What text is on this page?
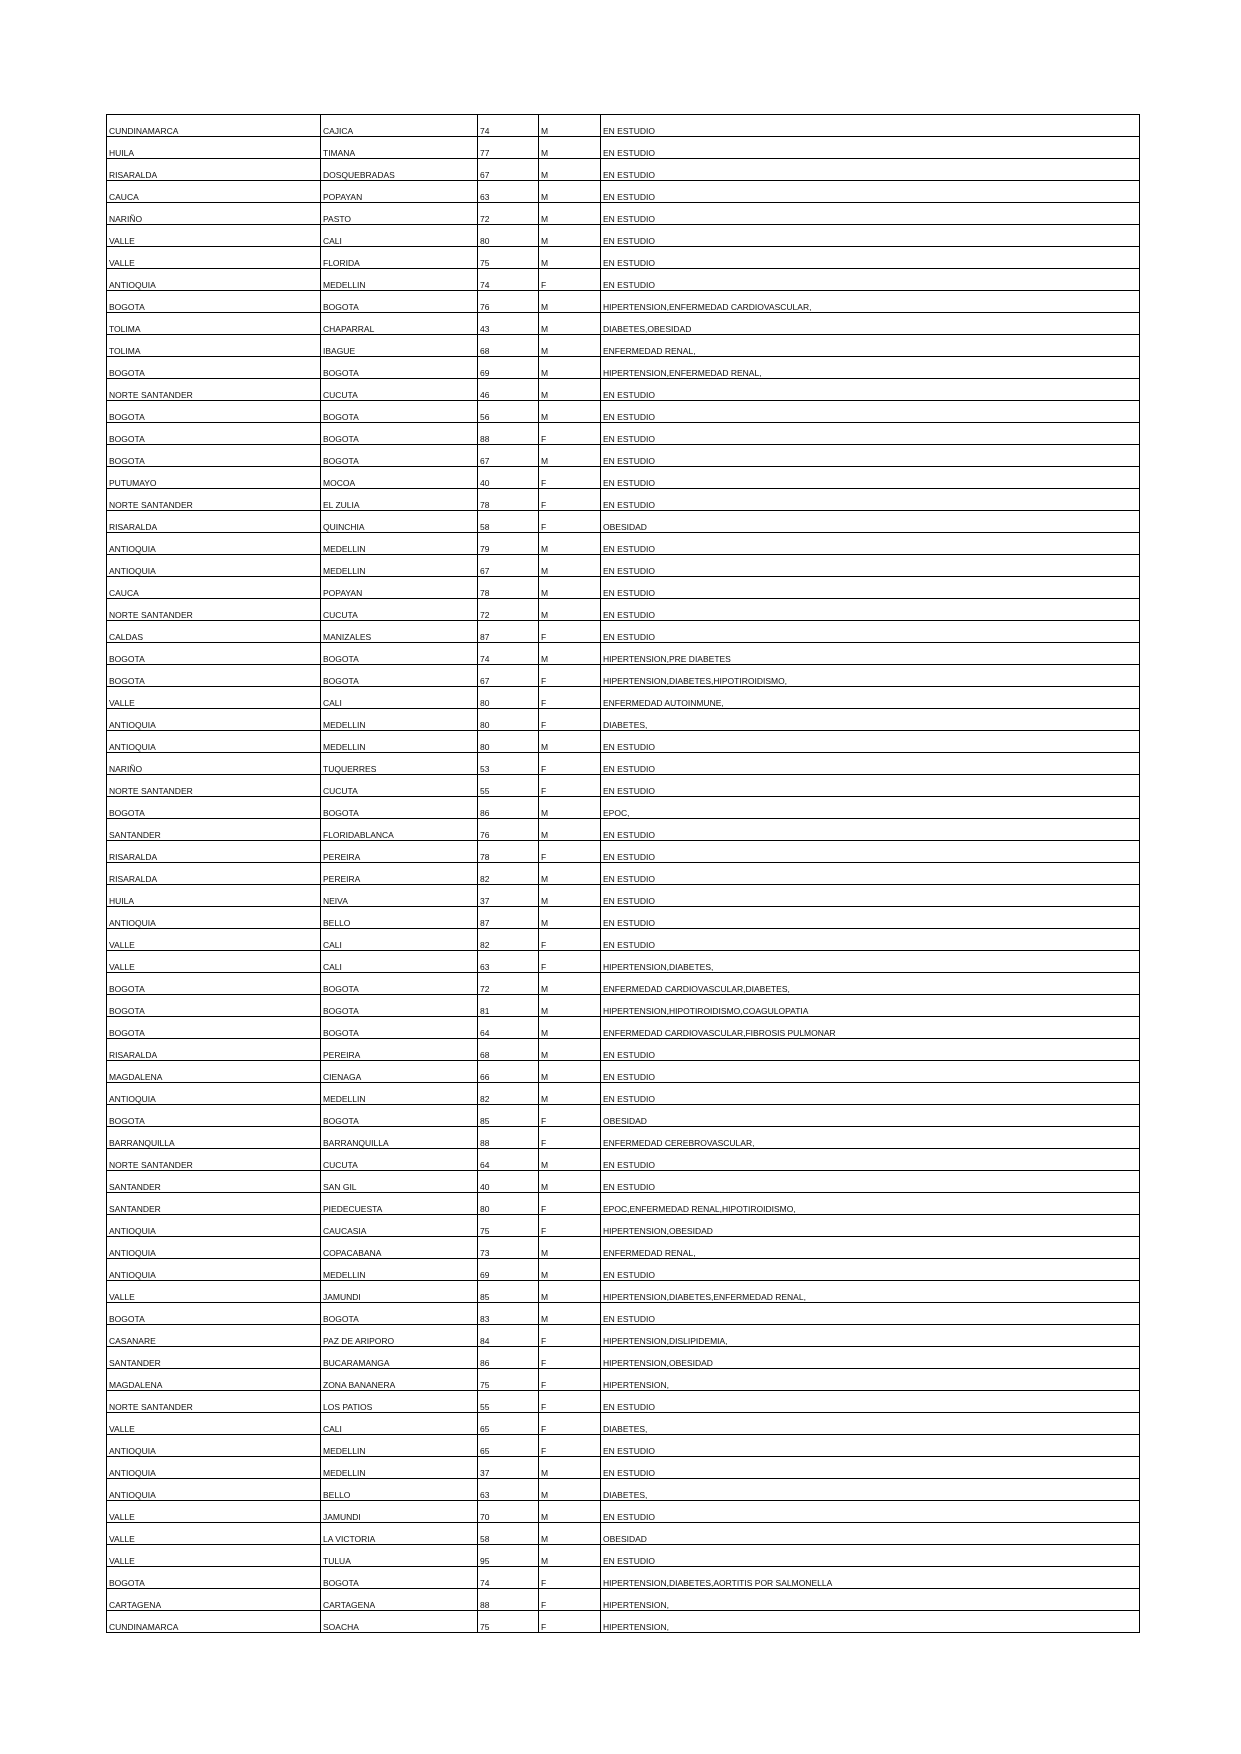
CUNDINAMARCA	CAJICA	74	M	EN ESTUDIO
HUILA	TIMANA	77	M	EN ESTUDIO
RISARALDA	DOSQUEBRADAS	67	M	EN ESTUDIO
CAUCA	POPAYAN	63	M	EN ESTUDIO
NARIÑO	PASTO	72	M	EN ESTUDIO
VALLE	CALI	80	M	EN ESTUDIO
VALLE	FLORIDA	75	M	EN ESTUDIO
ANTIOQUIA	MEDELLIN	74	F	EN ESTUDIO
BOGOTA	BOGOTA	76	M	HIPERTENSION,ENFERMEDAD CARDIOVASCULAR,
TOLIMA	CHAPARRAL	43	M	DIABETES,OBESIDAD
TOLIMA	IBAGUE	68	M	ENFERMEDAD RENAL,
BOGOTA	BOGOTA	69	M	HIPERTENSION,ENFERMEDAD RENAL,
NORTE SANTANDER	CUCUTA	46	M	EN ESTUDIO
BOGOTA	BOGOTA	56	M	EN ESTUDIO
BOGOTA	BOGOTA	88	F	EN ESTUDIO
BOGOTA	BOGOTA	67	M	EN ESTUDIO
PUTUMAYO	MOCOA	40	F	EN ESTUDIO
NORTE SANTANDER	EL ZULIA	78	F	EN ESTUDIO
RISARALDA	QUINCHIA	58	F	OBESIDAD
ANTIOQUIA	MEDELLIN	79	M	EN ESTUDIO
ANTIOQUIA	MEDELLIN	67	M	EN ESTUDIO
CAUCA	POPAYAN	78	M	EN ESTUDIO
NORTE SANTANDER	CUCUTA	72	M	EN ESTUDIO
CALDAS	MANIZALES	87	F	EN ESTUDIO
BOGOTA	BOGOTA	74	M	HIPERTENSION,PRE DIABETES
BOGOTA	BOGOTA	67	F	HIPERTENSION,DIABETES,HIPOTIROIDISMO,
VALLE	CALI	80	F	ENFERMEDAD AUTOINMUNE,
ANTIOQUIA	MEDELLIN	80	F	DIABETES,
ANTIOQUIA	MEDELLIN	80	M	EN ESTUDIO
NARIÑO	TUQUERRES	53	F	EN ESTUDIO
NORTE SANTANDER	CUCUTA	55	F	EN ESTUDIO
BOGOTA	BOGOTA	86	M	EPOC,
SANTANDER	FLORIDABLANCA	76	M	EN ESTUDIO
RISARALDA	PEREIRA	78	F	EN ESTUDIO
RISARALDA	PEREIRA	82	M	EN ESTUDIO
HUILA	NEIVA	37	M	EN ESTUDIO
ANTIOQUIA	BELLO	87	M	EN ESTUDIO
VALLE	CALI	82	F	EN ESTUDIO
VALLE	CALI	63	F	HIPERTENSION,DIABETES,
BOGOTA	BOGOTA	72	M	ENFERMEDAD CARDIOVASCULAR,DIABETES,
BOGOTA	BOGOTA	81	M	HIPERTENSION,HIPOTIROIDISMO,COAGULOPATIA
BOGOTA	BOGOTA	64	M	ENFERMEDAD CARDIOVASCULAR,FIBROSIS PULMONAR
RISARALDA	PEREIRA	68	M	EN ESTUDIO
MAGDALENA	CIENAGA	66	M	EN ESTUDIO
ANTIOQUIA	MEDELLIN	82	M	EN ESTUDIO
BOGOTA	BOGOTA	85	F	OBESIDAD
BARRANQUILLA	BARRANQUILLA	88	F	ENFERMEDAD CEREBROVASCULAR,
NORTE SANTANDER	CUCUTA	64	M	EN ESTUDIO
SANTANDER	SAN GIL	40	M	EN ESTUDIO
SANTANDER	PIEDECUESTA	80	F	EPOC,ENFERMEDAD RENAL,HIPOTIROIDISMO,
ANTIOQUIA	CAUCASIA	75	F	HIPERTENSION,OBESIDAD
ANTIOQUIA	COPACABANA	73	M	ENFERMEDAD RENAL,
ANTIOQUIA	MEDELLIN	69	M	EN ESTUDIO
VALLE	JAMUNDI	85	M	HIPERTENSION,DIABETES,ENFERMEDAD RENAL,
BOGOTA	BOGOTA	83	M	EN ESTUDIO
CASANARE	PAZ DE ARIPORO	84	F	HIPERTENSION,DISLIPIDEMIA,
SANTANDER	BUCARAMANGA	86	F	HIPERTENSION,OBESIDAD
MAGDALENA	ZONA BANANERA	75	F	HIPERTENSION,
NORTE SANTANDER	LOS PATIOS	55	F	EN ESTUDIO
VALLE	CALI	65	F	DIABETES,
ANTIOQUIA	MEDELLIN	65	F	EN ESTUDIO
ANTIOQUIA	MEDELLIN	37	M	EN ESTUDIO
ANTIOQUIA	BELLO	63	M	DIABETES,
VALLE	JAMUNDI	70	M	EN ESTUDIO
VALLE	LA VICTORIA	58	M	OBESIDAD
VALLE	TULUA	95	M	EN ESTUDIO
BOGOTA	BOGOTA	74	F	HIPERTENSION,DIABETES,AORTITIS POR SALMONELLA
CARTAGENA	CARTAGENA	88	F	HIPERTENSION,
CUNDINAMARCA	SOACHA	75	F	HIPERTENSION,
